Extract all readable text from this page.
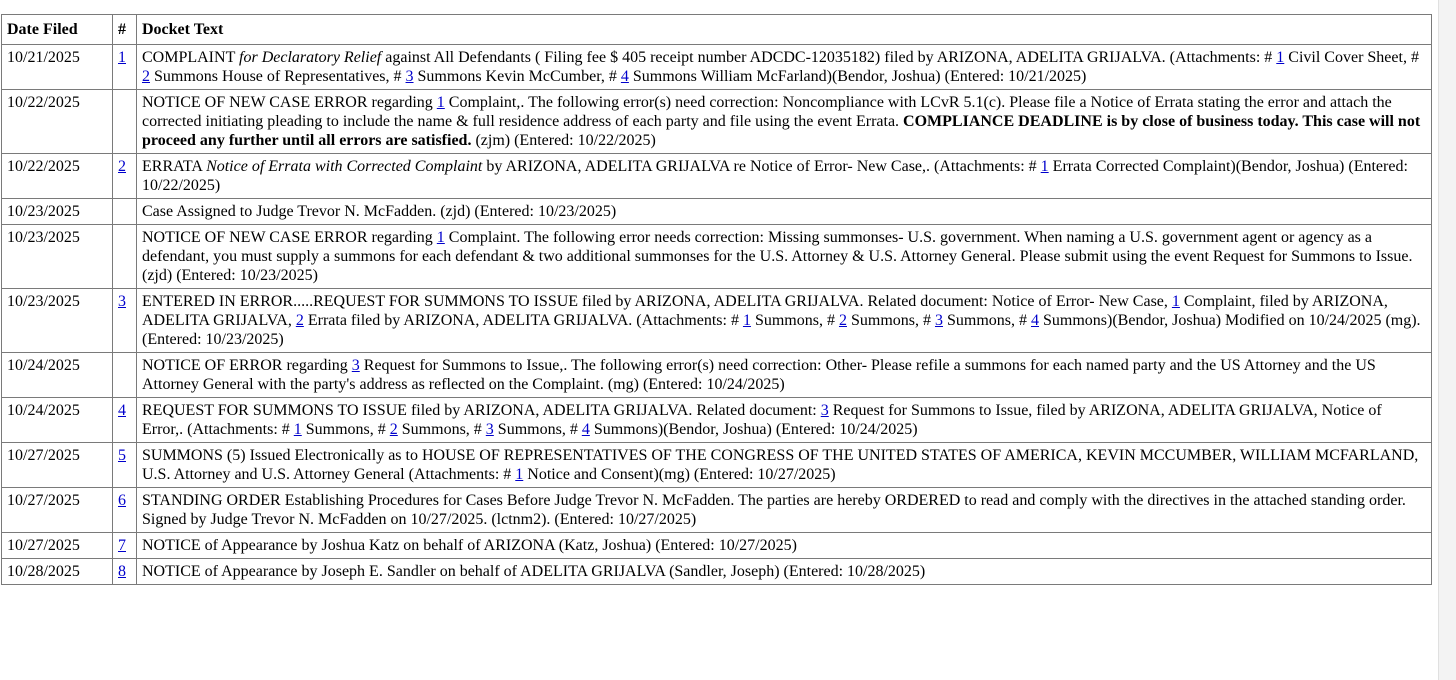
Date Filed	#	Docket Text
10/21/2025	1	COMPLAINT for Declaratory Relief against All Defendants ( Filing fee $ 405 receipt number ADCDC-12035182) filed by ARIZONA, ADELITA GRIJALVA. (Attachments: # 1 Civil Cover Sheet, # 2 Summons House of Representatives, # 3 Summons Kevin McCumber, # 4 Summons William McFarland)(Bendor, Joshua) (Entered: 10/21/2025)
10/22/2025		NOTICE OF NEW CASE ERROR regarding 1 Complaint,. The following error(s) need correction: Noncompliance with LCvR 5.1(c). Please file a Notice of Errata stating the error and attach the corrected initiating pleading to include the name & full residence address of each party and file using the event Errata. COMPLIANCE DEADLINE is by close of business today. This case will not proceed any further until all errors are satisfied. (zjm) (Entered: 10/22/2025)
10/22/2025	2	ERRATA Notice of Errata with Corrected Complaint by ARIZONA, ADELITA GRIJALVA re Notice of Error- New Case,. (Attachments: # 1 Errata Corrected Complaint)(Bendor, Joshua) (Entered: 10/22/2025)
10/23/2025		Case Assigned to Judge Trevor N. McFadden. (zjd) (Entered: 10/23/2025)
10/23/2025		NOTICE OF NEW CASE ERROR regarding 1 Complaint. The following error needs correction: Missing summonses- U.S. government. When naming a U.S. government agent or agency as a defendant, you must supply a summons for each defendant & two additional summonses for the U.S. Attorney & U.S. Attorney General. Please submit using the event Request for Summons to Issue. (zjd) (Entered: 10/23/2025)
10/23/2025	3	ENTERED IN ERROR.....REQUEST FOR SUMMONS TO ISSUE filed by ARIZONA, ADELITA GRIJALVA. Related document: Notice of Error- New Case, 1 Complaint, filed by ARIZONA, ADELITA GRIJALVA, 2 Errata filed by ARIZONA, ADELITA GRIJALVA. (Attachments: # 1 Summons, # 2 Summons, # 3 Summons, # 4 Summons)(Bendor, Joshua) Modified on 10/24/2025 (mg). (Entered: 10/23/2025)
10/24/2025		NOTICE OF ERROR regarding 3 Request for Summons to Issue,. The following error(s) need correction: Other- Please refile a summons for each named party and the US Attorney and the US Attorney General with the party's address as reflected on the Complaint. (mg) (Entered: 10/24/2025)
10/24/2025	4	REQUEST FOR SUMMONS TO ISSUE filed by ARIZONA, ADELITA GRIJALVA. Related document: 3 Request for Summons to Issue, filed by ARIZONA, ADELITA GRIJALVA, Notice of Error,. (Attachments: # 1 Summons, # 2 Summons, # 3 Summons, # 4 Summons)(Bendor, Joshua) (Entered: 10/24/2025)
10/27/2025	5	SUMMONS (5) Issued Electronically as to HOUSE OF REPRESENTATIVES OF THE CONGRESS OF THE UNITED STATES OF AMERICA, KEVIN MCCUMBER, WILLIAM MCFARLAND, U.S. Attorney and U.S. Attorney General (Attachments: # 1 Notice and Consent)(mg) (Entered: 10/27/2025)
10/27/2025	6	STANDING ORDER Establishing Procedures for Cases Before Judge Trevor N. McFadden. The parties are hereby ORDERED to read and comply with the directives in the attached standing order. Signed by Judge Trevor N. McFadden on 10/27/2025. (lctnm2). (Entered: 10/27/2025)
10/27/2025	7	NOTICE of Appearance by Joshua Katz on behalf of ARIZONA (Katz, Joshua) (Entered: 10/27/2025)
10/28/2025	8	NOTICE of Appearance by Joseph E. Sandler on behalf of ADELITA GRIJALVA (Sandler, Joseph) (Entered: 10/28/2025)
